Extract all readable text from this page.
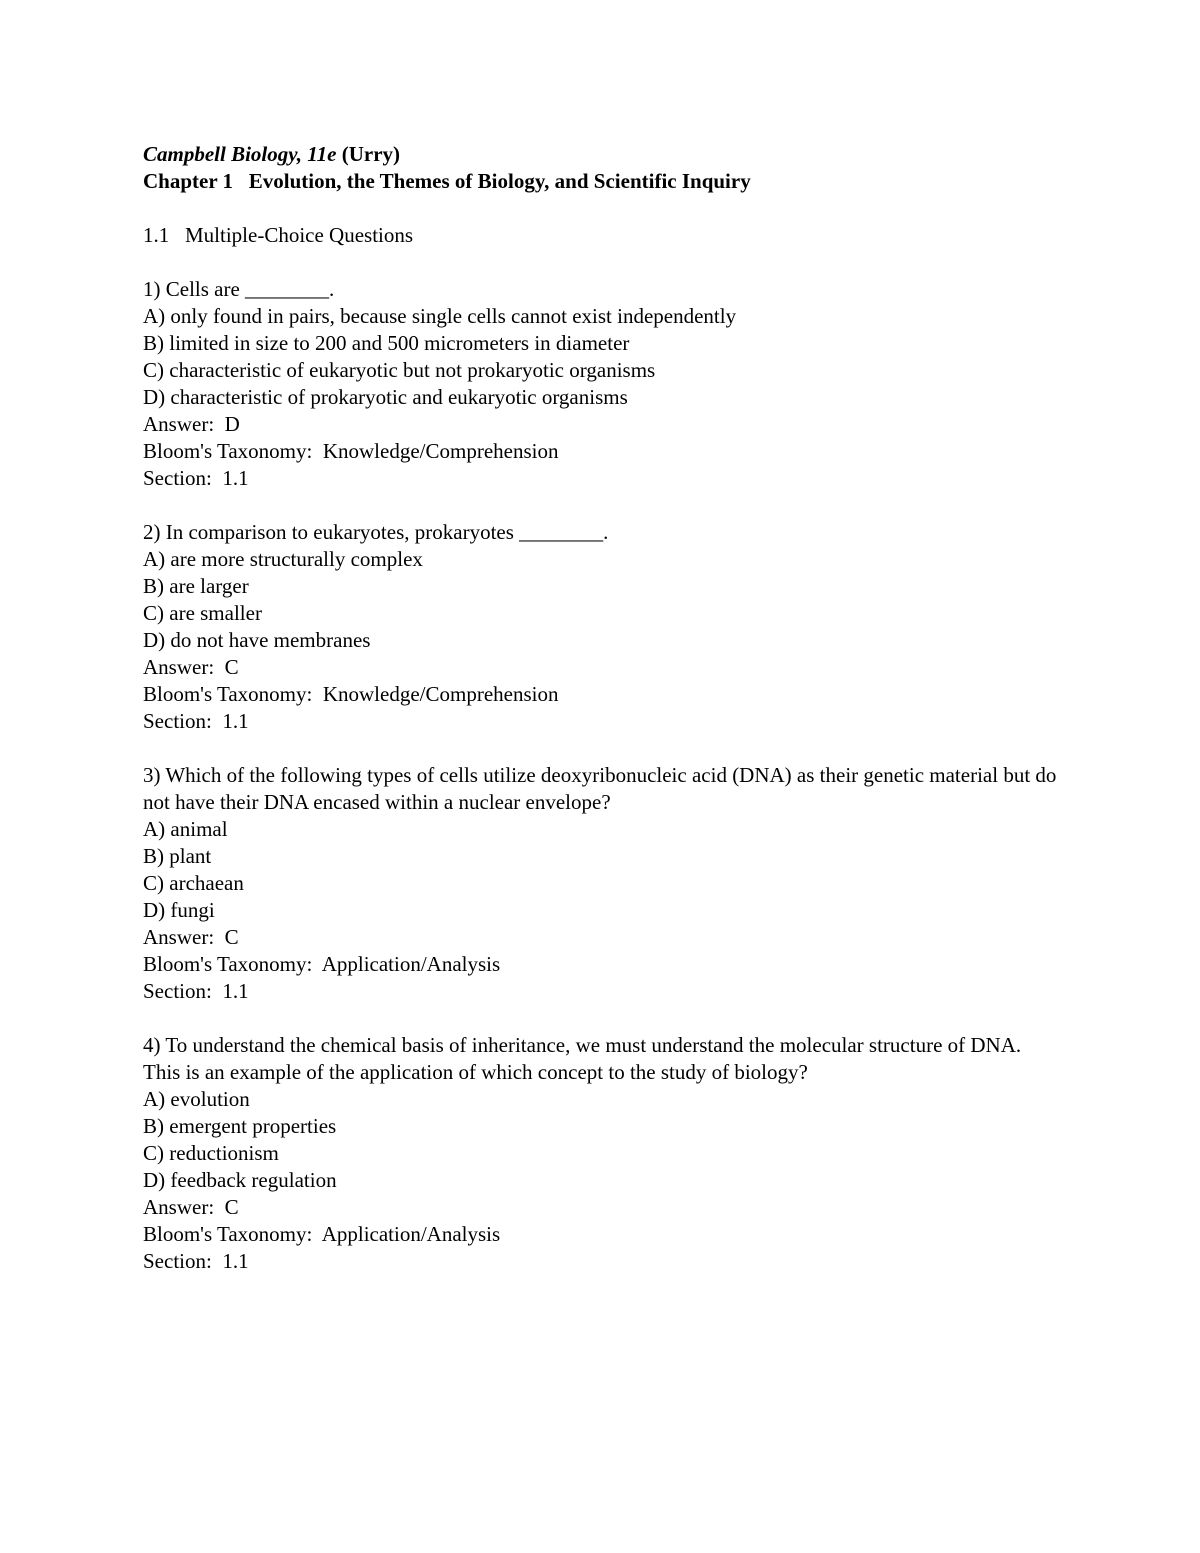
Campbell Biology, 11e (Urry)

Chapter 1   Evolution, the Themes of Biology, and Scientific Inquiry

1.1   Multiple-Choice Questions

1) Cells are ________.

A) only found in pairs, because single cells cannot exist independently

B) limited in size to 200 and 500 micrometers in diameter

C) characteristic of eukaryotic but not prokaryotic organisms

D) characteristic of prokaryotic and eukaryotic organisms

Answer:  D

Bloom's Taxonomy:  Knowledge/Comprehension

Section:  1.1

2) In comparison to eukaryotes, prokaryotes ________.

A) are more structurally complex

B) are larger

C) are smaller

D) do not have membranes

Answer:  C

Bloom's Taxonomy:  Knowledge/Comprehension

Section:  1.1

3) Which of the following types of cells utilize deoxyribonucleic acid (DNA) as their genetic material but do not have their DNA encased within a nuclear envelope?

A) animal

B) plant

C) archaean

D) fungi

Answer:  C

Bloom's Taxonomy:  Application/Analysis

Section:  1.1

4) To understand the chemical basis of inheritance, we must understand the molecular structure of DNA. This is an example of the application of which concept to the study of biology?

A) evolution

B) emergent properties

C) reductionism

D) feedback regulation

Answer:  C

Bloom's Taxonomy:  Application/Analysis

Section:  1.1
